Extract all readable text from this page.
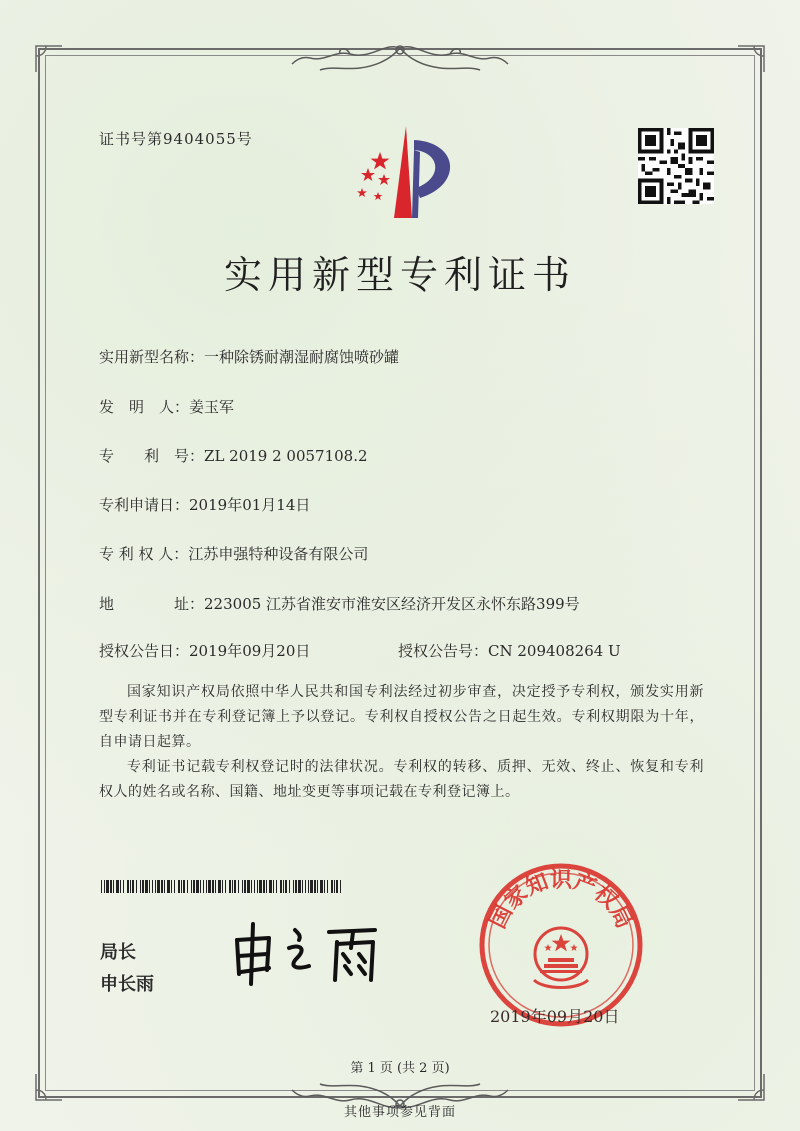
证书号第9404055号
实用新型专利证书
实用新型名称：一种除锈耐潮湿耐腐蚀喷砂罐
发　明　人：姜玉军
专　　利　号：ZL 2019 2 0057108.2
专利申请日：2019年01月14日
专 利 权 人：江苏申强特种设备有限公司
地　　　　址：223005 江苏省淮安市淮安区经济开发区永怀东路399号
授权公告日：2019年09月20日	授权公告号：CN 209408264 U
国家知识产权局依照中华人民共和国专利法经过初步审查，决定授予专利权，颁发实用新型专利证书并在专利登记簿上予以登记。专利权自授权公告之日起生效。专利权期限为十年，自申请日起算。
专利证书记载专利权登记时的法律状况。专利权的转移、质押、无效、终止、恢复和专利权人的姓名或名称、国籍、地址变更等事项记载在专利登记簿上。
局长
申长雨
国家知识产权局
2019年09月20日
第 1 页 (共 2 页)
其他事项参见背面
